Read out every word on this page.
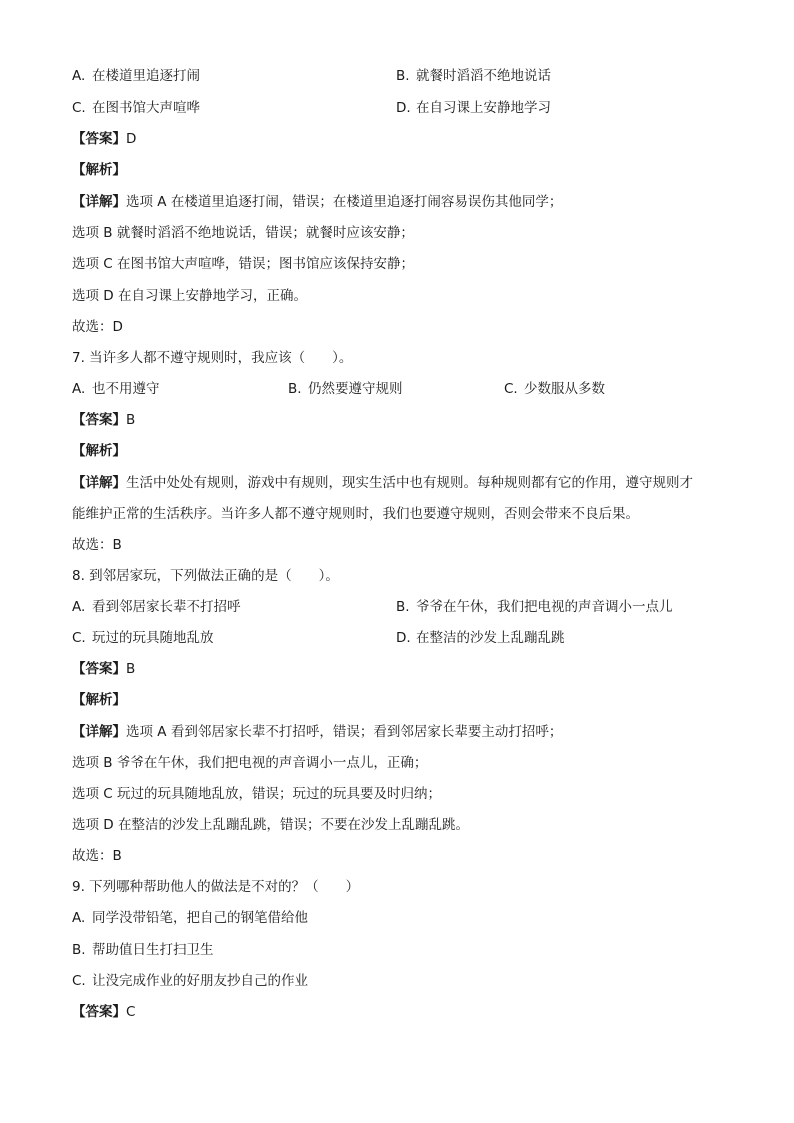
A. 在楼道里追逐打闹	B. 就餐时滔滔不绝地说话
C. 在图书馆大声喧哗	D. 在自习课上安静地学习
【答案】D
【解析】
【详解】选项 A 在楼道里追逐打闹，错误；在楼道里追逐打闹容易误伤其他同学；
选项 B 就餐时滔滔不绝地说话，错误；就餐时应该安静；
选项 C 在图书馆大声喧哗，错误；图书馆应该保持安静；
选项 D 在自习课上安静地学习，正确。
故选：D
7. 当许多人都不遵守规则时，我应该（　　）。
A. 也不用遵守	B. 仍然要遵守规则	C. 少数服从多数
【答案】B
【解析】
【详解】生活中处处有规则，游戏中有规则，现实生活中也有规则。每种规则都有它的作用，遵守规则才
能维护正常的生活秩序。当许多人都不遵守规则时，我们也要遵守规则，否则会带来不良后果。
故选：B
8. 到邻居家玩，下列做法正确的是（　　）。
A. 看到邻居家长辈不打招呼	B. 爷爷在午休，我们把电视的声音调小一点儿
C. 玩过的玩具随地乱放	D. 在整洁的沙发上乱蹦乱跳
【答案】B
【解析】
【详解】选项 A 看到邻居家长辈不打招呼，错误；看到邻居家长辈要主动打招呼；
选项 B 爷爷在午休，我们把电视的声音调小一点儿，正确；
选项 C 玩过的玩具随地乱放，错误；玩过的玩具要及时归纳；
选项 D 在整洁的沙发上乱蹦乱跳，错误；不要在沙发上乱蹦乱跳。
故选：B
9. 下列哪种帮助他人的做法是不对的？（　　）
A. 同学没带铅笔，把自己的钢笔借给他
B. 帮助值日生打扫卫生
C. 让没完成作业的好朋友抄自己的作业
【答案】C
